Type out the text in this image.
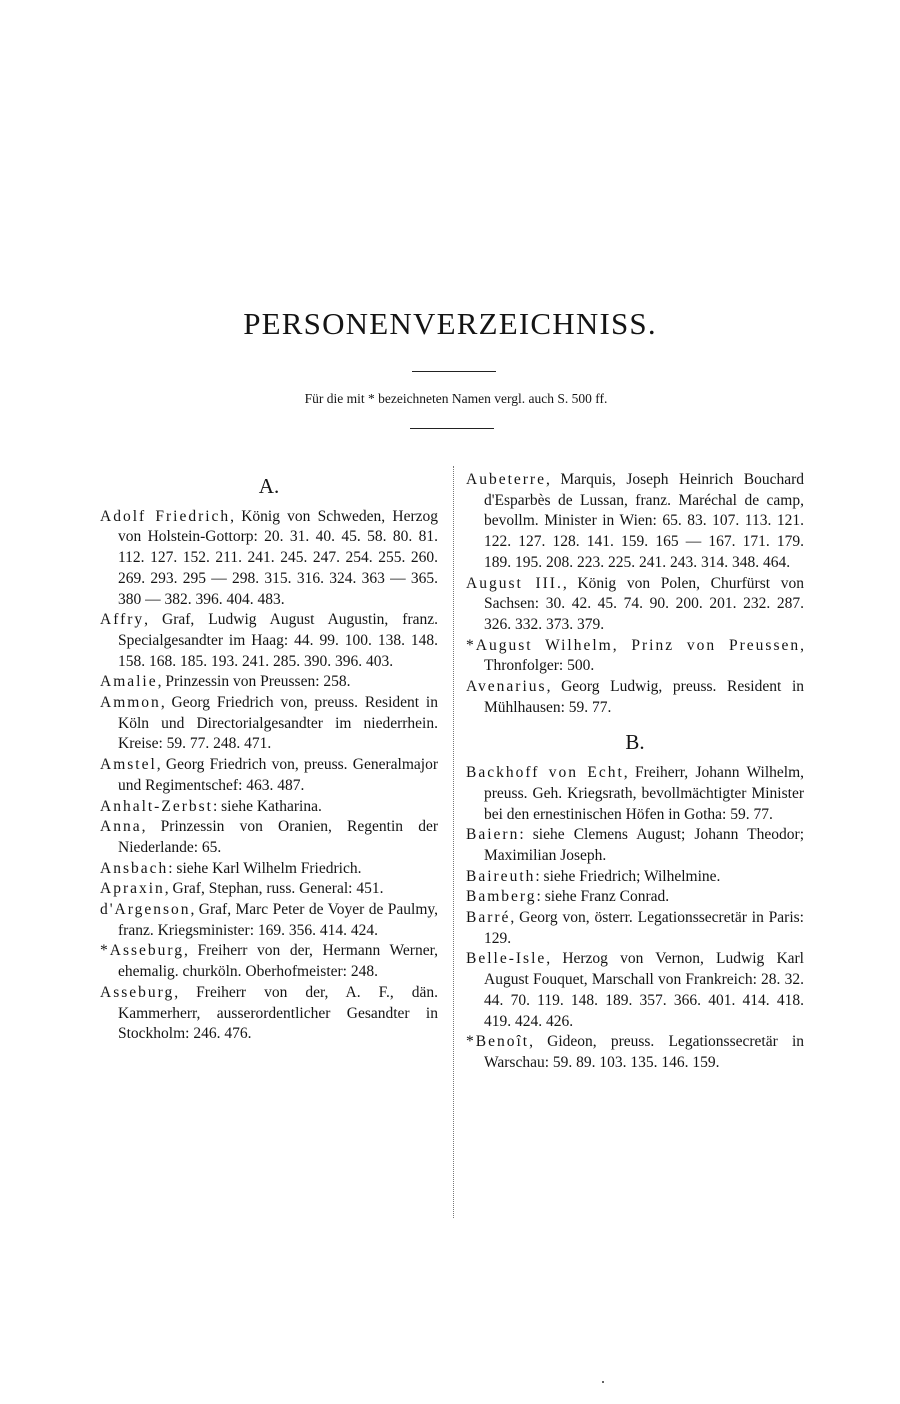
PERSONENVERZEICHNISS.

Für die mit * bezeichneten Namen vergl. auch S. 500 ff.

A.

Adolf Friedrich, König von Schweden, Herzog von Holstein-Gottorp: 20. 31. 40. 45. 58. 80. 81. 112. 127. 152. 211. 241. 245. 247. 254. 255. 260. 269. 293. 295 — 298. 315. 316. 324. 363 — 365. 380 — 382. 396. 404. 483.

Affry, Graf, Ludwig August Augustin, franz. Specialgesandter im Haag: 44. 99. 100. 138. 148. 158. 168. 185. 193. 241. 285. 390. 396. 403.

Amalie, Prinzessin von Preussen: 258.

Ammon, Georg Friedrich von, preuss. Resident in Köln und Directorialgesandter im niederrhein. Kreise: 59. 77. 248. 471.

Amstel, Georg Friedrich von, preuss. Generalmajor und Regimentschef: 463. 487.

Anhalt-Zerbst: siehe Katharina.

Anna, Prinzessin von Oranien, Regentin der Niederlande: 65.

Ansbach: siehe Karl Wilhelm Friedrich.

Apraxin, Graf, Stephan, russ. General: 451.

d'Argenson, Graf, Marc Peter de Voyer de Paulmy, franz. Kriegsminister: 169. 356. 414. 424.

*Asseburg, Freiherr von der, Hermann Werner, ehemalig. churköln. Oberhofmeister: 248.

Asseburg, Freiherr von der, A. F., dän. Kammerherr, ausserordentlicher Gesandter in Stockholm: 246. 476.

Aubeterre, Marquis, Joseph Heinrich Bouchard d'Esparbès de Lussan, franz. Maréchal de camp, bevollm. Minister in Wien: 65. 83. 107. 113. 121. 122. 127. 128. 141. 159. 165 — 167. 171. 179. 189. 195. 208. 223. 225. 241. 243. 314. 348. 464.

August III., König von Polen, Churfürst von Sachsen: 30. 42. 45. 74. 90. 200. 201. 232. 287. 326. 332. 373. 379.

*August Wilhelm, Prinz von Preussen, Thronfolger: 500.

Avenarius, Georg Ludwig, preuss. Resident in Mühlhausen: 59. 77.

B.

Backhoff von Echt, Freiherr, Johann Wilhelm, preuss. Geh. Kriegsrath, bevollmächtigter Minister bei den ernestinischen Höfen in Gotha: 59. 77.

Baiern: siehe Clemens August; Johann Theodor; Maximilian Joseph.

Baireuth: siehe Friedrich; Wilhelmine.

Bamberg: siehe Franz Conrad.

Barré, Georg von, österr. Legationssecretär in Paris: 129.

Belle-Isle, Herzog von Vernon, Ludwig Karl August Fouquet, Marschall von Frankreich: 28. 32. 44. 70. 119. 148. 189. 357. 366. 401. 414. 418. 419. 424. 426.

*Benoît, Gideon, preuss. Legationssecretär in Warschau: 59. 89. 103. 135. 146. 159.
